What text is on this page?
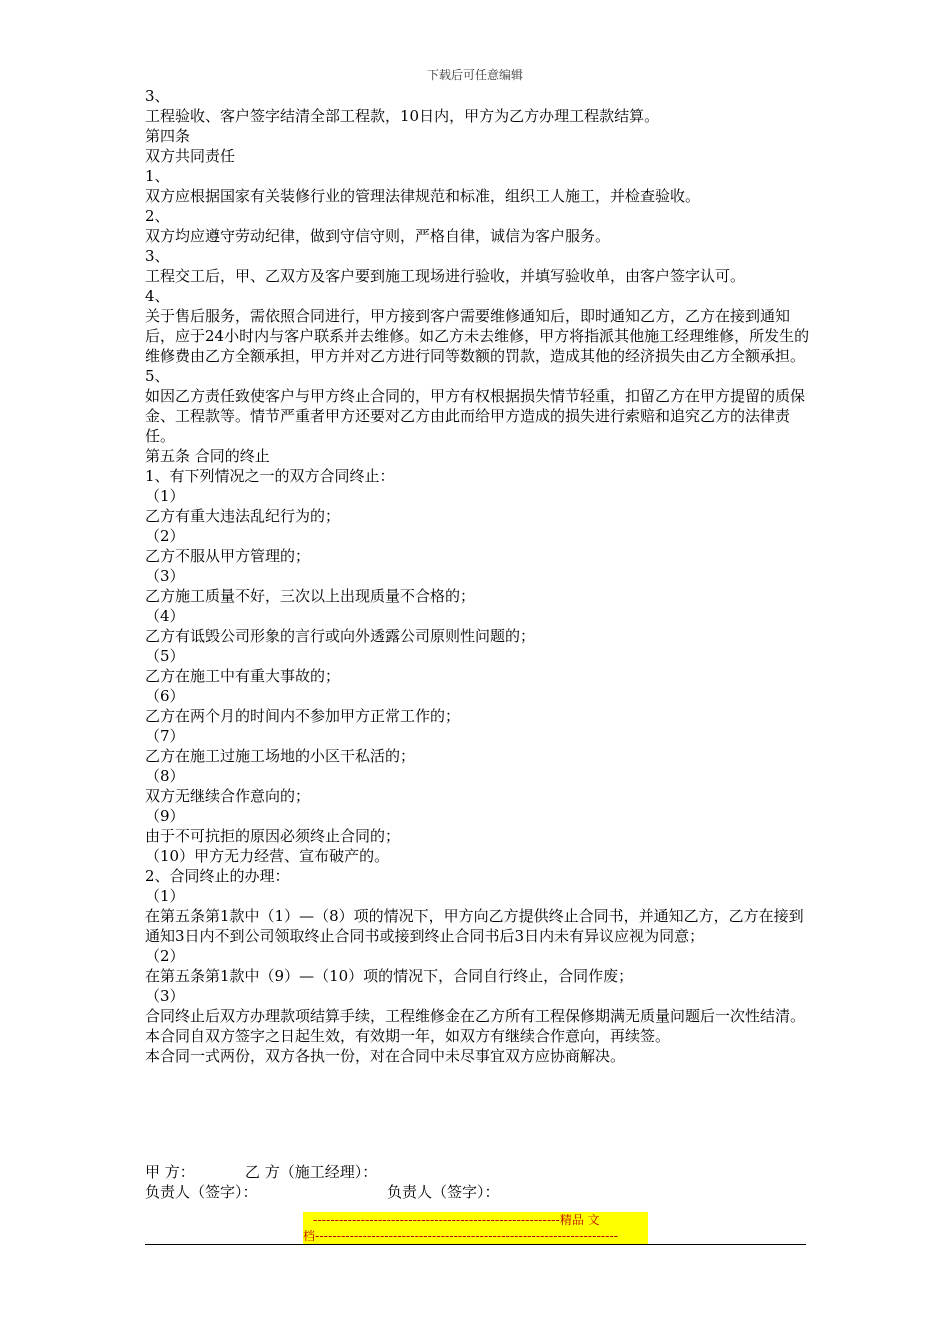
下载后可任意编辑

3、

工程验收、客户签字结清全部工程款，10日内，甲方为乙方办理工程款结算。

第四条

双方共同责任

1、

双方应根据国家有关装修行业的管理法律规范和标准，组织工人施工，并检查验收。

2、

双方均应遵守劳动纪律，做到守信守则，严格自律，诚信为客户服务。

3、

工程交工后，甲、乙双方及客户要到施工现场进行验收，并填写验收单，由客户签字认可。

4、

关于售后服务，需依照合同进行，甲方接到客户需要维修通知后，即时通知乙方，乙方在接到通知后，应于24小时内与客户联系并去维修。如乙方未去维修，甲方将指派其他施工经理维修，所发生的维修费由乙方全额承担，甲方并对乙方进行同等数额的罚款，造成其他的经济损失由乙方全额承担。

5、

如因乙方责任致使客户与甲方终止合同的，甲方有权根据损失情节轻重，扣留乙方在甲方提留的质保金、工程款等。情节严重者甲方还要对乙方由此而给甲方造成的损失进行索赔和追究乙方的法律责任。

第五条 合同的终止

1、有下列情况之一的双方合同终止：

（1）

乙方有重大违法乱纪行为的；

（2）

乙方不服从甲方管理的；

（3）

乙方施工质量不好，三次以上出现质量不合格的；

（4）

乙方有诋毁公司形象的言行或向外透露公司原则性问题的；

（5）

乙方在施工中有重大事故的；

（6）

乙方在两个月的时间内不参加甲方正常工作的；

（7）

乙方在施工过施工场地的小区干私活的；

（8）

双方无继续合作意向的；

（9）

由于不可抗拒的原因必须终止合同的；

（10）甲方无力经营、宣布破产的。

2、合同终止的办理：

（1）

在第五条第1款中（1）—（8）项的情况下，甲方向乙方提供终止合同书，并通知乙方，乙方在接到通知3日内不到公司领取终止合同书或接到终止合同书后3日内未有异议应视为同意；

（2）

在第五条第1款中（9）—（10）项的情况下，合同自行终止，合同作废；

（3）

合同终止后双方办理款项结算手续，工程维修金在乙方所有工程保修期满无质量问题后一次性结清。

本合同自双方签字之日起生效，有效期一年，如双方有继续合作意向，再续签。

本合同一式两份，双方各执一份，对在合同中未尽事宜双方应协商解决。

甲 方：	乙 方（施工经理）：
负责人（签字）：	负责人（签字）：
---------------------------------------------------------精品 文
档----------------------------------------------------------------------
